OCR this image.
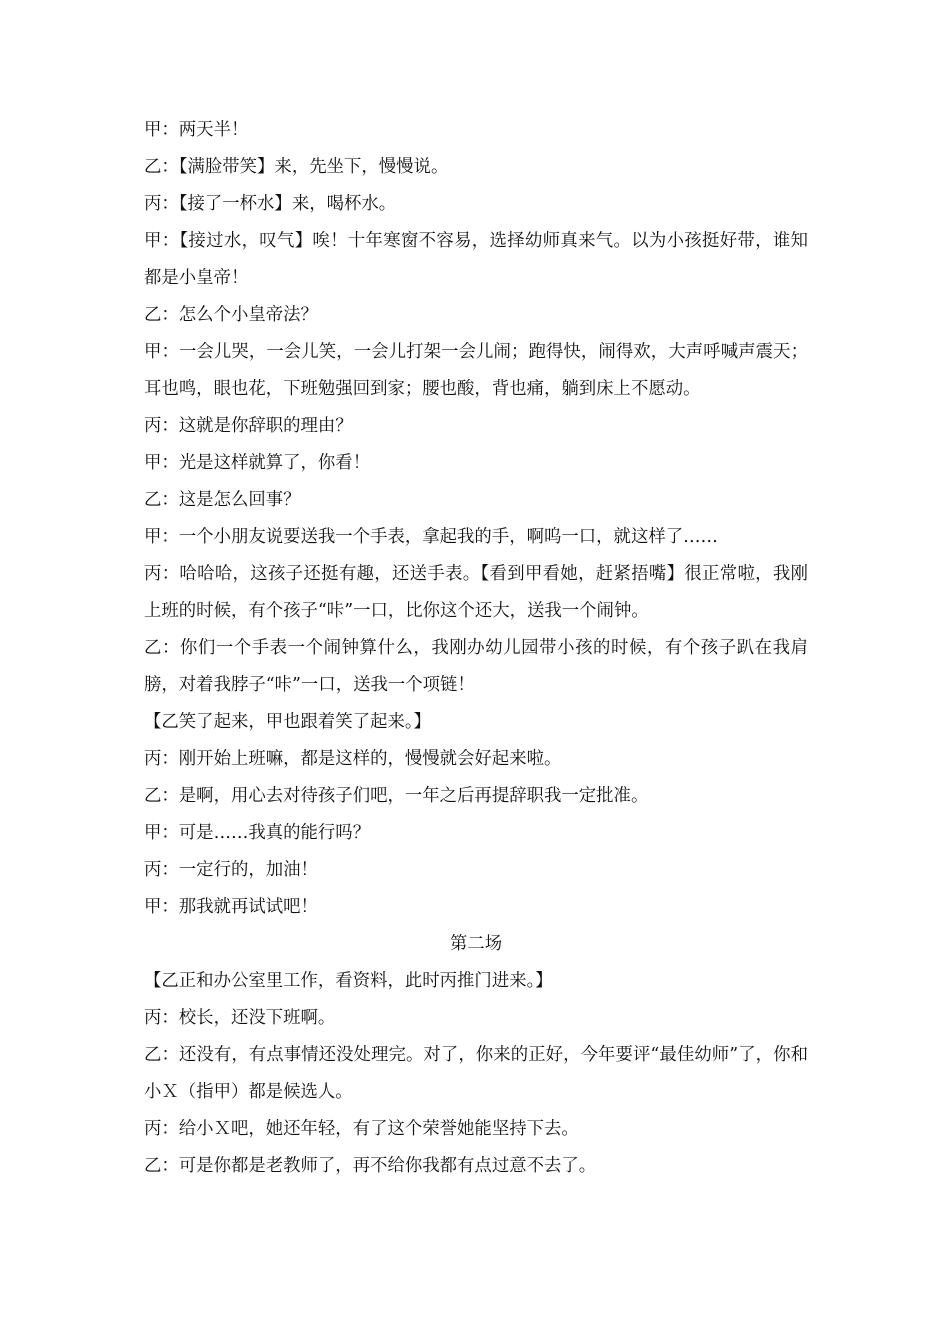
甲：两天半！

乙：【满脸带笑】来，先坐下，慢慢说。

丙：【接了一杯水】来，喝杯水。

甲：【接过水，叹气】唉！十年寒窗不容易，选择幼师真来气。以为小孩挺好带，谁知都是小皇帝！

乙：怎么个小皇帝法？

甲：一会儿哭，一会儿笑，一会儿打架一会儿闹；跑得快，闹得欢，大声呼喊声震天；耳也鸣，眼也花，下班勉强回到家；腰也酸，背也痛，躺到床上不愿动。

丙：这就是你辞职的理由？

甲：光是这样就算了，你看！

乙：这是怎么回事？

甲：一个小朋友说要送我一个手表，拿起我的手，啊呜一口，就这样了……

丙：哈哈哈，这孩子还挺有趣，还送手表。【看到甲看她，赶紧捂嘴】很正常啦，我刚上班的时候，有个孩子“咔”一口，比你这个还大，送我一个闹钟。

乙：你们一个手表一个闹钟算什么，我刚办幼儿园带小孩的时候，有个孩子趴在我肩膀，对着我脖子“咔”一口，送我一个项链！

【乙笑了起来，甲也跟着笑了起来。】

丙：刚开始上班嘛，都是这样的，慢慢就会好起来啦。

乙：是啊，用心去对待孩子们吧，一年之后再提辞职我一定批准。

甲：可是……我真的能行吗？

丙：一定行的，加油！

甲：那我就再试试吧！

第二场

【乙正和办公室里工作，看资料，此时丙推门进来。】

丙：校长，还没下班啊。

乙：还没有，有点事情还没处理完。对了，你来的正好，今年要评“最佳幼师”了，你和小Ｘ（指甲）都是候选人。

丙：给小Ｘ吧，她还年轻，有了这个荣誉她能坚持下去。

乙：可是你都是老教师了，再不给你我都有点过意不去了。
